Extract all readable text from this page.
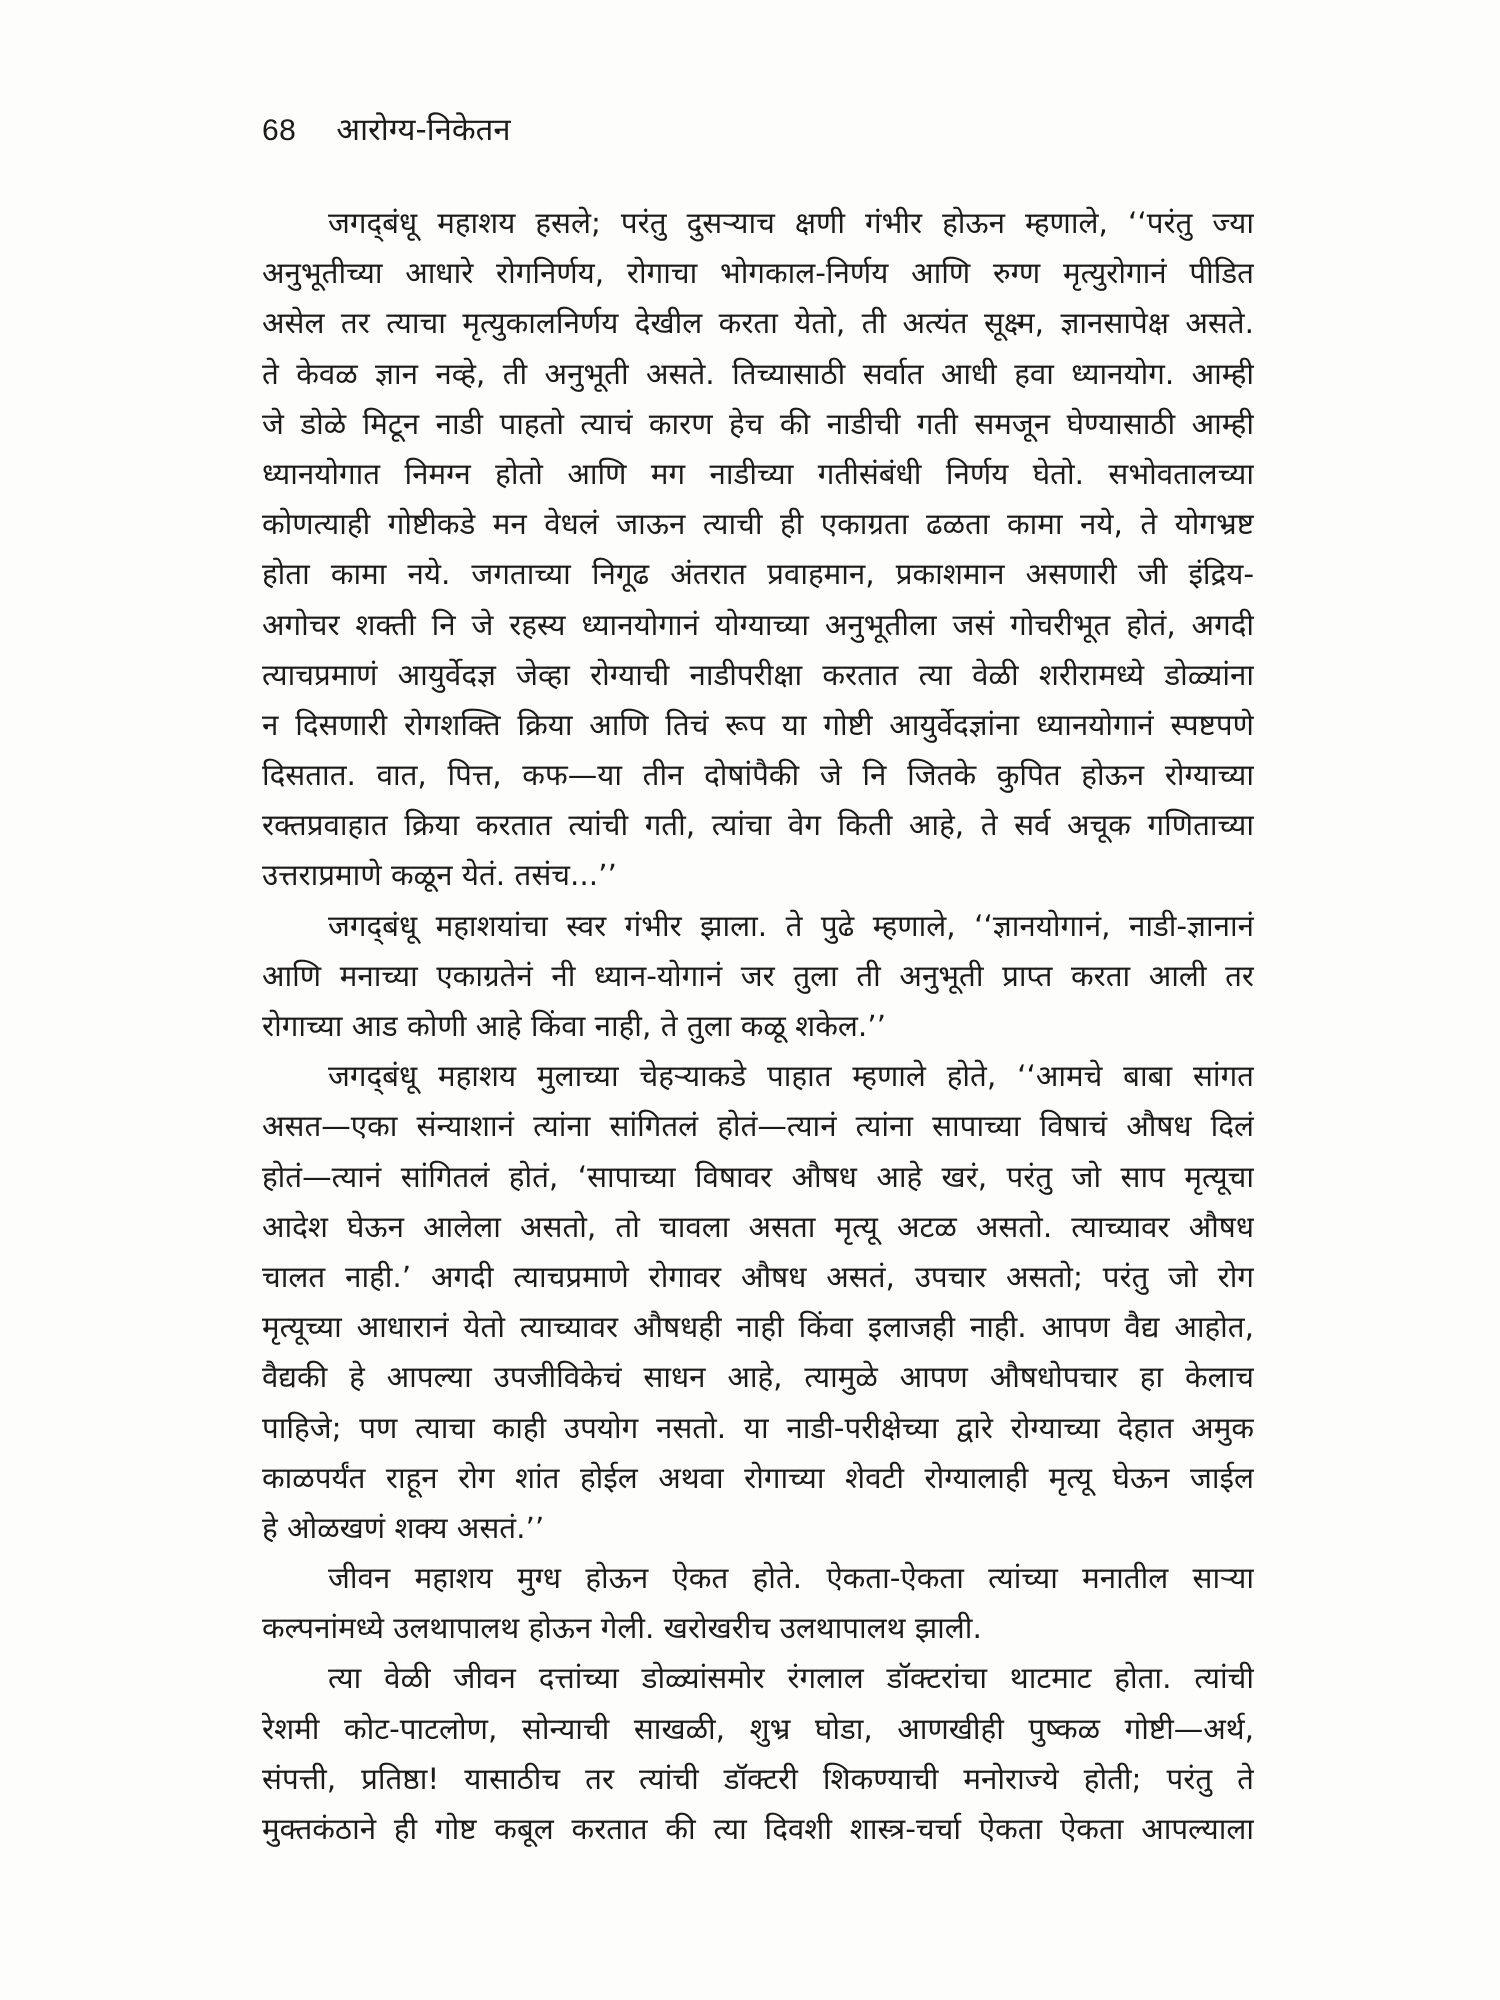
68 आरोग्य-निकेतन

जगद्‌बंधू महाशय हसले; परंतु दुसऱ्याच क्षणी गंभीर होऊन म्हणाले, ‘‘परंतु ज्या
अनुभूतीच्या आधारे रोगनिर्णय, रोगाचा भोगकाल-निर्णय आणि रुग्ण मृत्युरोगानं पीडित
असेल तर त्याचा मृत्युकालनिर्णय देखील करता येतो, ती अत्यंत सूक्ष्म, ज्ञानसापेक्ष असते.
ते केवळ ज्ञान नव्हे, ती अनुभूती असते. तिच्यासाठी सर्वात आधी हवा ध्यानयोग. आम्ही
जे डोळे मिटून नाडी पाहतो त्याचं कारण हेच की नाडीची गती समजून घेण्यासाठी आम्ही
ध्यानयोगात निमग्न होतो आणि मग नाडीच्या गतीसंबंधी निर्णय घेतो. सभोवतालच्या
कोणत्याही गोष्टीकडे मन वेधलं जाऊन त्याची ही एकाग्रता ढळता कामा नये, ते योगभ्रष्ट
होता कामा नये. जगताच्या निगूढ अंतरात प्रवाहमान, प्रकाशमान असणारी जी इंद्रिय-
अगोचर शक्ती नि जे रहस्य ध्यानयोगानं योग्याच्या अनुभूतीला जसं गोचरीभूत होतं, अगदी
त्याचप्रमाणं आयुर्वेदज्ञ जेव्हा रोग्याची नाडीपरीक्षा करतात त्या वेळी शरीरामध्ये डोळ्यांना
न दिसणारी रोगशक्ति क्रिया आणि तिचं रूप या गोष्टी आयुर्वेदज्ञांना ध्यानयोगानं स्पष्टपणे
दिसतात. वात, पित्त, कफ—या तीन दोषांपैकी जे नि जितके कुपित होऊन रोग्याच्या
रक्तप्रवाहात क्रिया करतात त्यांची गती, त्यांचा वेग किती आहे, ते सर्व अचूक गणिताच्या
उत्तराप्रमाणे कळून येतं. तसंच...’’

जगद्‌बंधू महाशयांचा स्वर गंभीर झाला. ते पुढे म्हणाले, ‘‘ज्ञानयोगानं, नाडी-ज्ञानानं
आणि मनाच्या एकाग्रतेनं नी ध्यान-योगानं जर तुला ती अनुभूती प्राप्त करता आली तर
रोगाच्या आड कोणी आहे किंवा नाही, ते तुला कळू शकेल.’’

जगद्‌बंधू महाशय मुलाच्या चेहऱ्याकडे पाहात म्हणाले होते, ‘‘आमचे बाबा सांगत
असत—एका संन्याशानं त्यांना सांगितलं होतं—त्यानं त्यांना सापाच्या विषाचं औषध दिलं
होतं—त्यानं सांगितलं होतं, ‘सापाच्या विषावर औषध आहे खरं, परंतु जो साप मृत्यूचा
आदेश घेऊन आलेला असतो, तो चावला असता मृत्यू अटळ असतो. त्याच्यावर औषध
चालत नाही.’ अगदी त्याचप्रमाणे रोगावर औषध असतं, उपचार असतो; परंतु जो रोग
मृत्यूच्या आधारानं येतो त्याच्यावर औषधही नाही किंवा इलाजही नाही. आपण वैद्य आहोत,
वैद्यकी हे आपल्या उपजीविकेचं साधन आहे, त्यामुळे आपण औषधोपचार हा केलाच
पाहिजे; पण त्याचा काही उपयोग नसतो. या नाडी-परीक्षेच्या द्वारे रोग्याच्या देहात अमुक
काळपर्यंत राहून रोग शांत होईल अथवा रोगाच्या शेवटी रोग्यालाही मृत्यू घेऊन जाईल
हे ओळखणं शक्य असतं.’’

जीवन महाशय मुग्ध होऊन ऐकत होते. ऐकता-ऐकता त्यांच्या मनातील साऱ्या
कल्पनांमध्ये उलथापालथ होऊन गेली. खरोखरीच उलथापालथ झाली.

त्या वेळी जीवन दत्तांच्या डोळ्यांसमोर रंगलाल डॉक्टरांचा थाटमाट होता. त्यांची
रेशमी कोट-पाटलोण, सोन्याची साखळी, शुभ्र घोडा, आणखीही पुष्कळ गोष्टी—अर्थ,
संपत्ती, प्रतिष्ठा! यासाठीच तर त्यांची डॉक्टरी शिकण्याची मनोराज्ये होती; परंतु ते
मुक्तकंठाने ही गोष्ट कबूल करतात की त्या दिवशी शास्त्र-चर्चा ऐकता ऐकता आपल्याला
